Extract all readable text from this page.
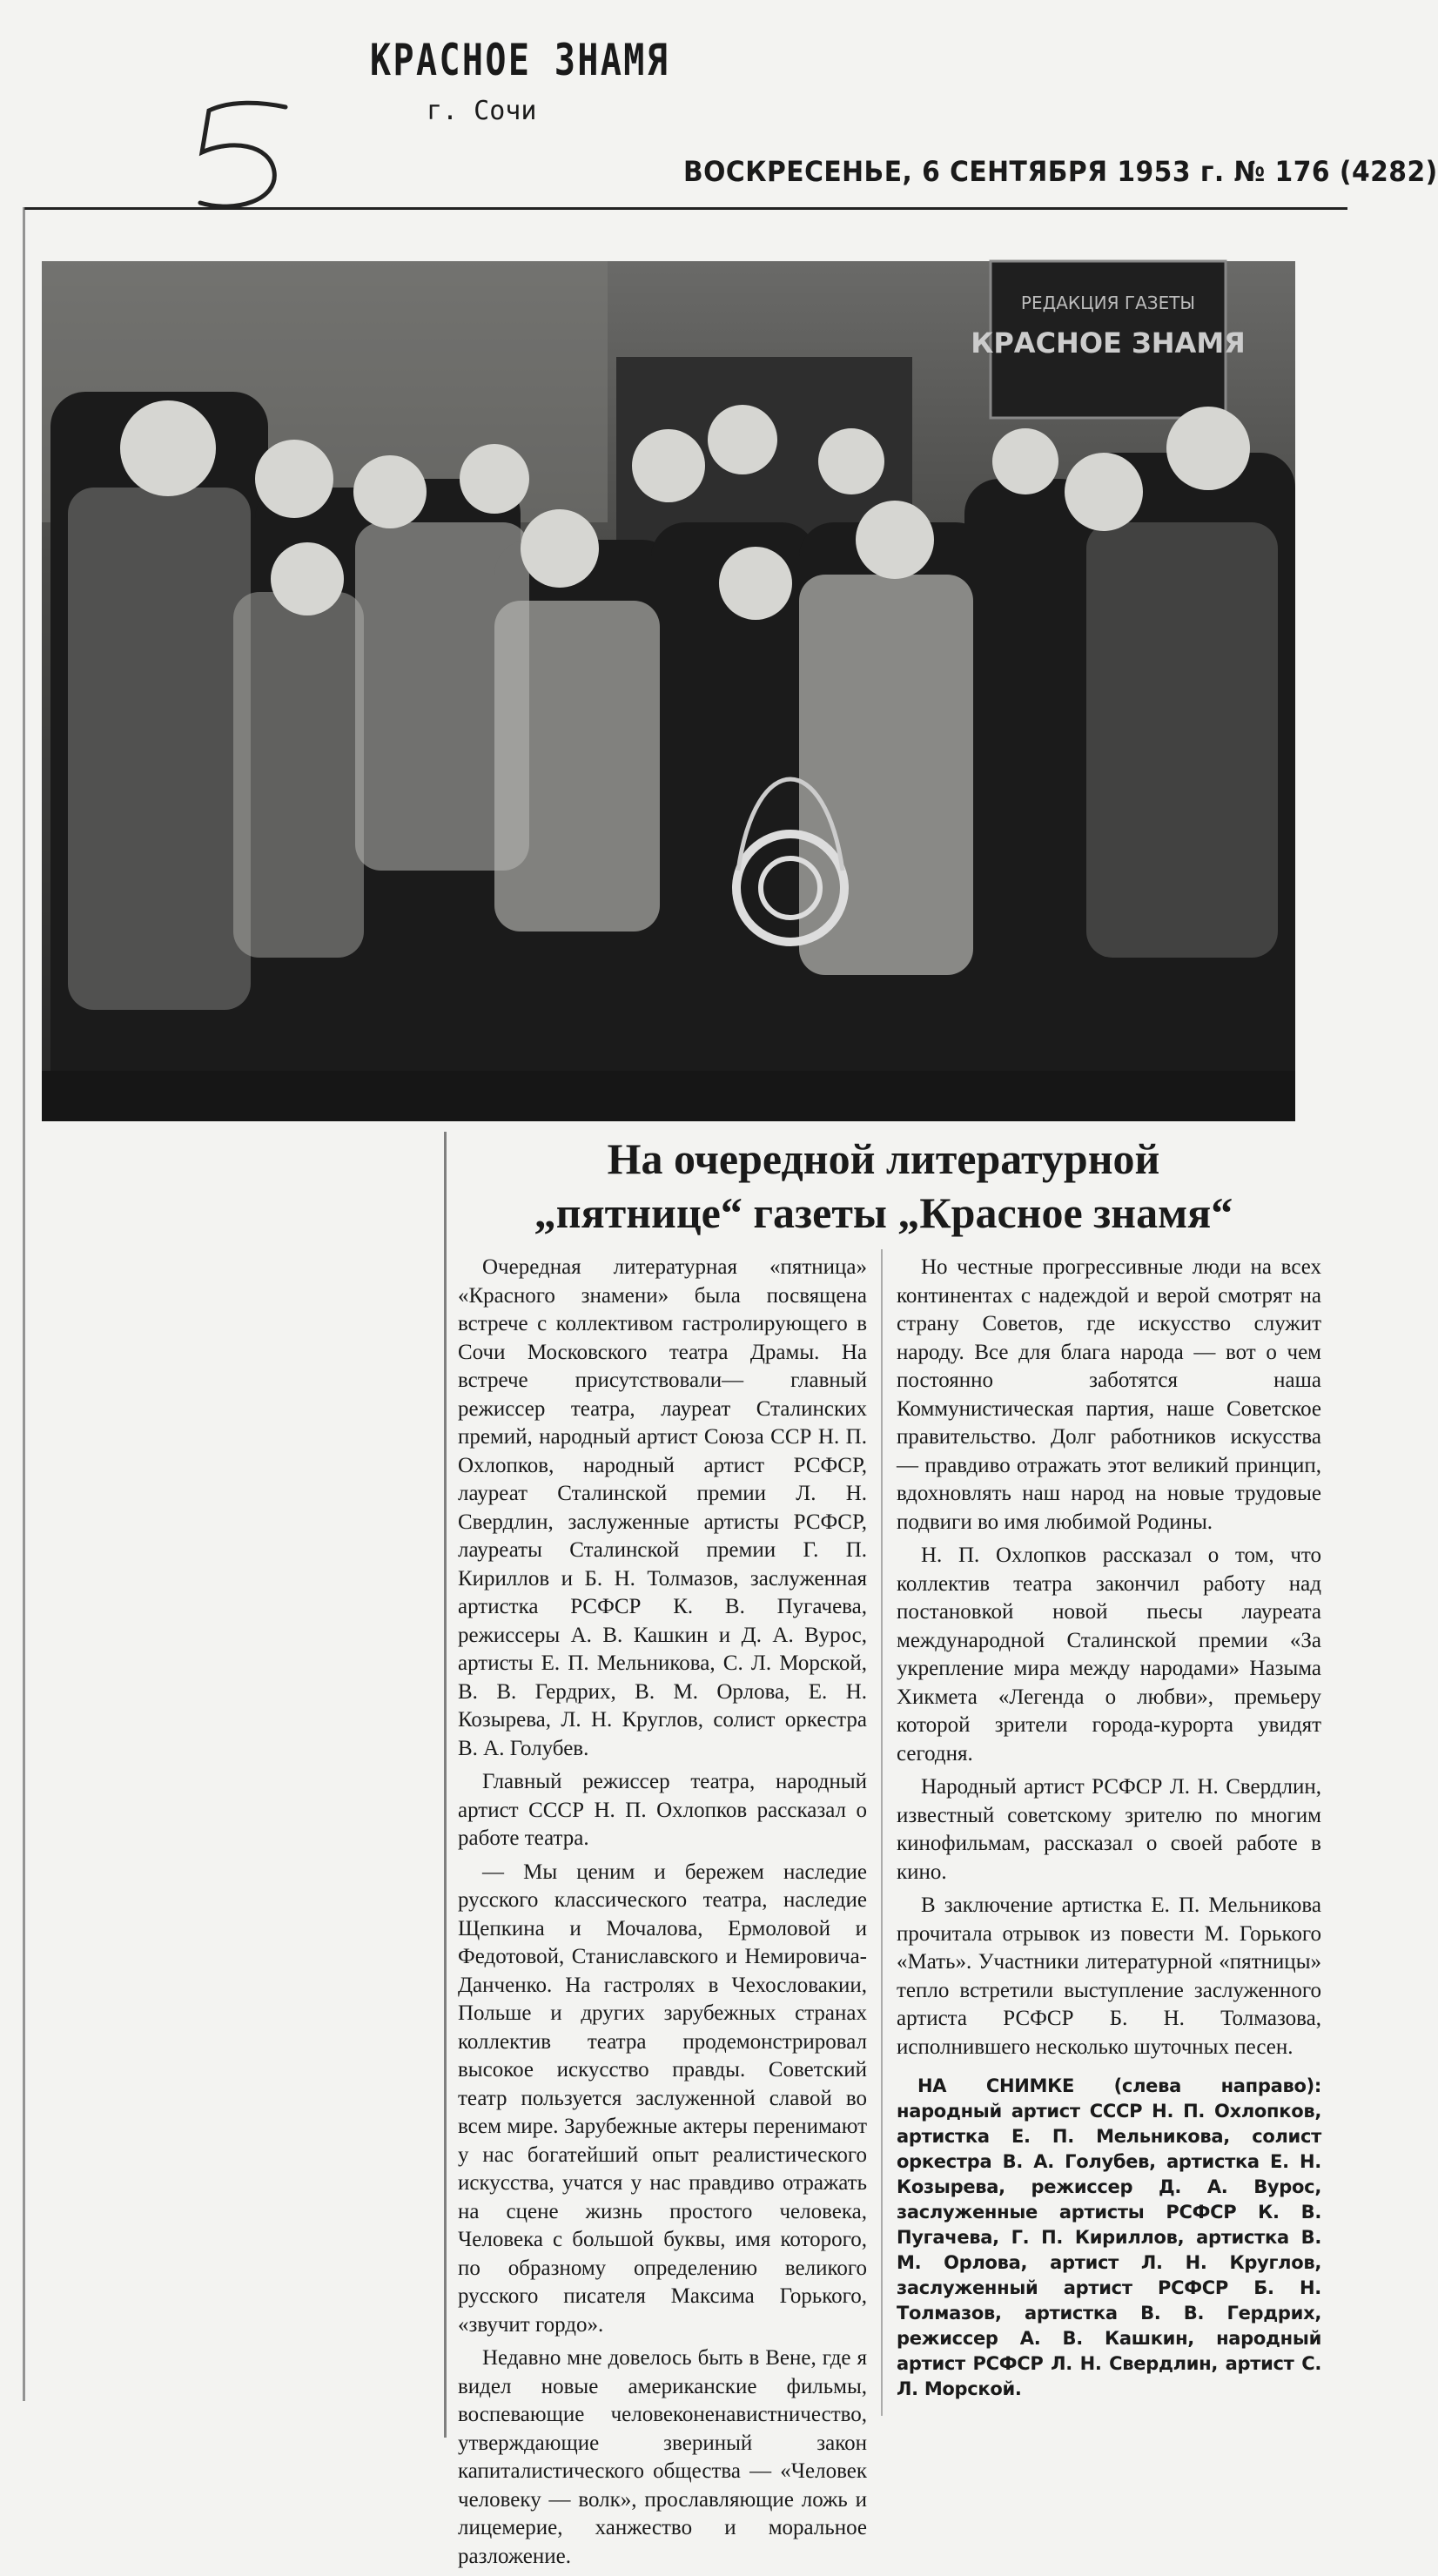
КРАСНОЕ ЗНАМЯ
г. Сочи
ВОСКРЕСЕНЬЕ, 6 СЕНТЯБРЯ 1953 г. № 176 (4282)
РЕДАКЦИЯ ГАЗЕТЫ
КРАСНОЕ ЗНАМЯ
На очередной литературной
„пятнице“ газеты „Красное знамя“

Очередная литературная «пятница» «Красного знамени» была посвящена встрече с коллективом гастролирующего в Сочи Московского театра Драмы. На встрече присутствовали— главный режиссер театра, лауреат Сталинских премий, народный артист Союза ССР Н. П. Охлопков, народный артист РСФСР, лауреат Сталинской премии Л. Н. Свердлин, заслуженные артисты РСФСР, лауреаты Сталинской премии Г. П. Кириллов и Б. Н. Толмазов, заслуженная артистка РСФСР К. В. Пугачева, режиссеры А. В. Кашкин и Д. А. Вурос, артисты Е. П. Мельникова, С. Л. Морской, В. В. Гердрих, В. М. Орлова, Е. Н. Козырева, Л. Н. Круглов, солист оркестра В. А. Голубев.

Главный режиссер театра, народный артист СССР Н. П. Охлопков рассказал о работе театра.

— Мы ценим и бережем наследие русского классического театра, наследие Щепкина и Мочалова, Ермоловой и Федотовой, Станиславского и Немировича-Данченко. На гастролях в Чехословакии, Польше и других зарубежных странах коллектив театра продемонстрировал высокое искусство правды. Советский театр пользуется заслуженной славой во всем мире. Зарубежные актеры перенимают у нас богатейший опыт реалистического искусства, учатся у нас правдиво отражать на сцене жизнь простого человека, Человека с большой буквы, имя которого, по образному определению великого русского писателя Максима Горького, «звучит гордо».

Недавно мне довелось быть в Вене, где я видел новые американские фильмы, воспевающие человеконенавистничество, утверждающие звериный закон капиталистического общества — «Человек человеку — волк», прославляющие ложь и лицемерие, ханжество и моральное разложение.

Но честные прогрессивные люди на всех континентах с надеждой и верой смотрят на страну Советов, где искусство служит народу. Все для блага народа — вот о чем постоянно заботятся наша Коммунистическая партия, наше Советское правительство. Долг работников искусства — правдиво отражать этот великий принцип, вдохновлять наш народ на новые трудовые подвиги во имя любимой Родины.

Н. П. Охлопков рассказал о том, что коллектив театра закончил работу над постановкой новой пьесы лауреата международной Сталинской премии «За укрепление мира между народами» Назыма Хикмета «Легенда о любви», премьеру которой зрители города-курорта увидят сегодня.

Народный артист РСФСР Л. Н. Свердлин, известный советскому зрителю по многим кинофильмам, рассказал о своей работе в кино.

В заключение артистка Е. П. Мельникова прочитала отрывок из повести М. Горького «Мать». Участники литературной «пятницы» тепло встретили выступление заслуженного артиста РСФСР Б. Н. Толмазова, исполнившего несколько шуточных песен.

НА СНИМКЕ (слева направо): народный артист СССР Н. П. Охлопков, артистка Е. П. Мельникова, солист оркестра В. А. Голубев, артистка Е. Н. Козырева, режиссер Д. А. Вурос, заслуженные артисты РСФСР К. В. Пугачева, Г. П. Кириллов, артистка В. М. Орлова, артист Л. Н. Круглов, заслуженный артист РСФСР Б. Н. Толмазов, артистка В. В. Гердрих, режиссер А. В. Кашкин, народный артист РСФСР Л. Н. Свердлин, артист С. Л. Морской.
